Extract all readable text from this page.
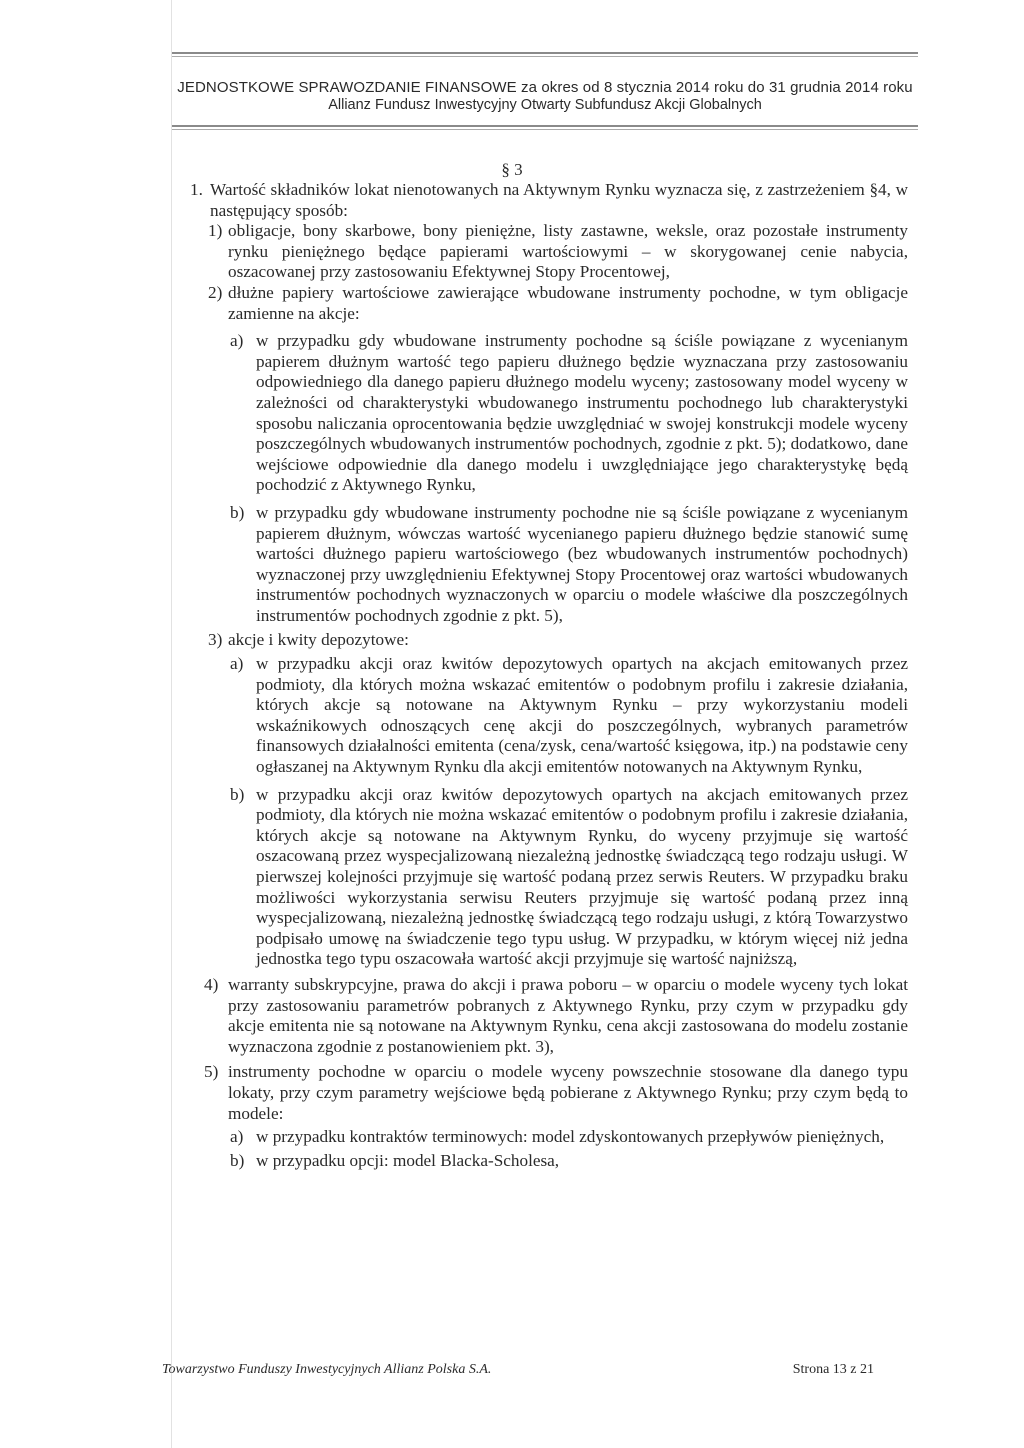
JEDNOSTKOWE SPRAWOZDANIE FINANSOWE za okres od 8 stycznia 2014 roku do 31 grudnia 2014 roku
Allianz Fundusz Inwestycyjny Otwarty Subfundusz Akcji Globalnych
§ 3

1. Wartość składników lokat nienotowanych na Aktywnym Rynku wyznacza się, z zastrzeżeniem §4, w następujący sposób:

1) obligacje, bony skarbowe, bony pieniężne, listy zastawne, weksle, oraz pozostałe instrumenty rynku pieniężnego będące papierami wartościowymi – w skorygowanej cenie nabycia, oszacowanej przy zastosowaniu Efektywnej Stopy Procentowej,

2) dłużne papiery wartościowe zawierające wbudowane instrumenty pochodne, w tym obligacje zamienne na akcje:

a) w przypadku gdy wbudowane instrumenty pochodne są ściśle powiązane z wycenianym papierem dłużnym wartość tego papieru dłużnego będzie wyznaczana przy zastosowaniu odpowiedniego dla danego papieru dłużnego modelu wyceny; zastosowany model wyceny w zależności od charakterystyki wbudowanego instrumentu pochodnego lub charakterystyki sposobu naliczania oprocentowania będzie uwzględniać w swojej konstrukcji modele wyceny poszczególnych wbudowanych instrumentów pochodnych, zgodnie z pkt. 5); dodatkowo, dane wejściowe odpowiednie dla danego modelu i uwzględniające jego charakterystykę będą pochodzić z Aktywnego Rynku,

b) w przypadku gdy wbudowane instrumenty pochodne nie są ściśle powiązane z wycenianym papierem dłużnym, wówczas wartość wycenianego papieru dłużnego będzie stanowić sumę wartości dłużnego papieru wartościowego (bez wbudowanych instrumentów pochodnych) wyznaczonej przy uwzględnieniu Efektywnej Stopy Procentowej oraz wartości wbudowanych instrumentów pochodnych wyznaczonych w oparciu o modele właściwe dla poszczególnych instrumentów pochodnych zgodnie z pkt. 5),

3) akcje i kwity depozytowe:

a) w przypadku akcji oraz kwitów depozytowych opartych na akcjach emitowanych przez podmioty, dla których można wskazać emitentów o podobnym profilu i zakresie działania, których akcje są notowane na Aktywnym Rynku – przy wykorzystaniu modeli wskaźnikowych odnoszących cenę akcji do poszczególnych, wybranych parametrów finansowych działalności emitenta (cena/zysk, cena/wartość księgowa, itp.) na podstawie ceny ogłaszanej na Aktywnym Rynku dla akcji emitentów notowanych na Aktywnym Rynku,

b) w przypadku akcji oraz kwitów depozytowych opartych na akcjach emitowanych przez podmioty, dla których nie można wskazać emitentów o podobnym profilu i zakresie działania, których akcje są notowane na Aktywnym Rynku, do wyceny przyjmuje się wartość oszacowaną przez wyspecjalizowaną niezależną jednostkę świadczącą tego rodzaju usługi. W pierwszej kolejności przyjmuje się wartość podaną przez serwis Reuters. W przypadku braku możliwości wykorzystania serwisu Reuters przyjmuje się wartość podaną przez inną wyspecjalizowaną, niezależną jednostkę świadczącą tego rodzaju usługi, z którą Towarzystwo podpisało umowę na świadczenie tego typu usług. W przypadku, w którym więcej niż jedna jednostka tego typu oszacowała wartość akcji przyjmuje się wartość najniższą,

4) warranty subskrypcyjne, prawa do akcji i prawa poboru – w oparciu o modele wyceny tych lokat przy zastosowaniu parametrów pobranych z Aktywnego Rynku, przy czym w przypadku gdy akcje emitenta nie są notowane na Aktywnym Rynku, cena akcji zastosowana do modelu zostanie wyznaczona zgodnie z postanowieniem pkt. 3),

5) instrumenty pochodne w oparciu o modele wyceny powszechnie stosowane dla danego typu lokaty, przy czym parametry wejściowe będą pobierane z Aktywnego Rynku; przy czym będą to modele:

a) w przypadku kontraktów terminowych: model zdyskontowanych przepływów pieniężnych,

b) w przypadku opcji: model Blacka-Scholesa,

Towarzystwo Funduszy Inwestycyjnych Allianz Polska S.A.	Strona 13 z 21
